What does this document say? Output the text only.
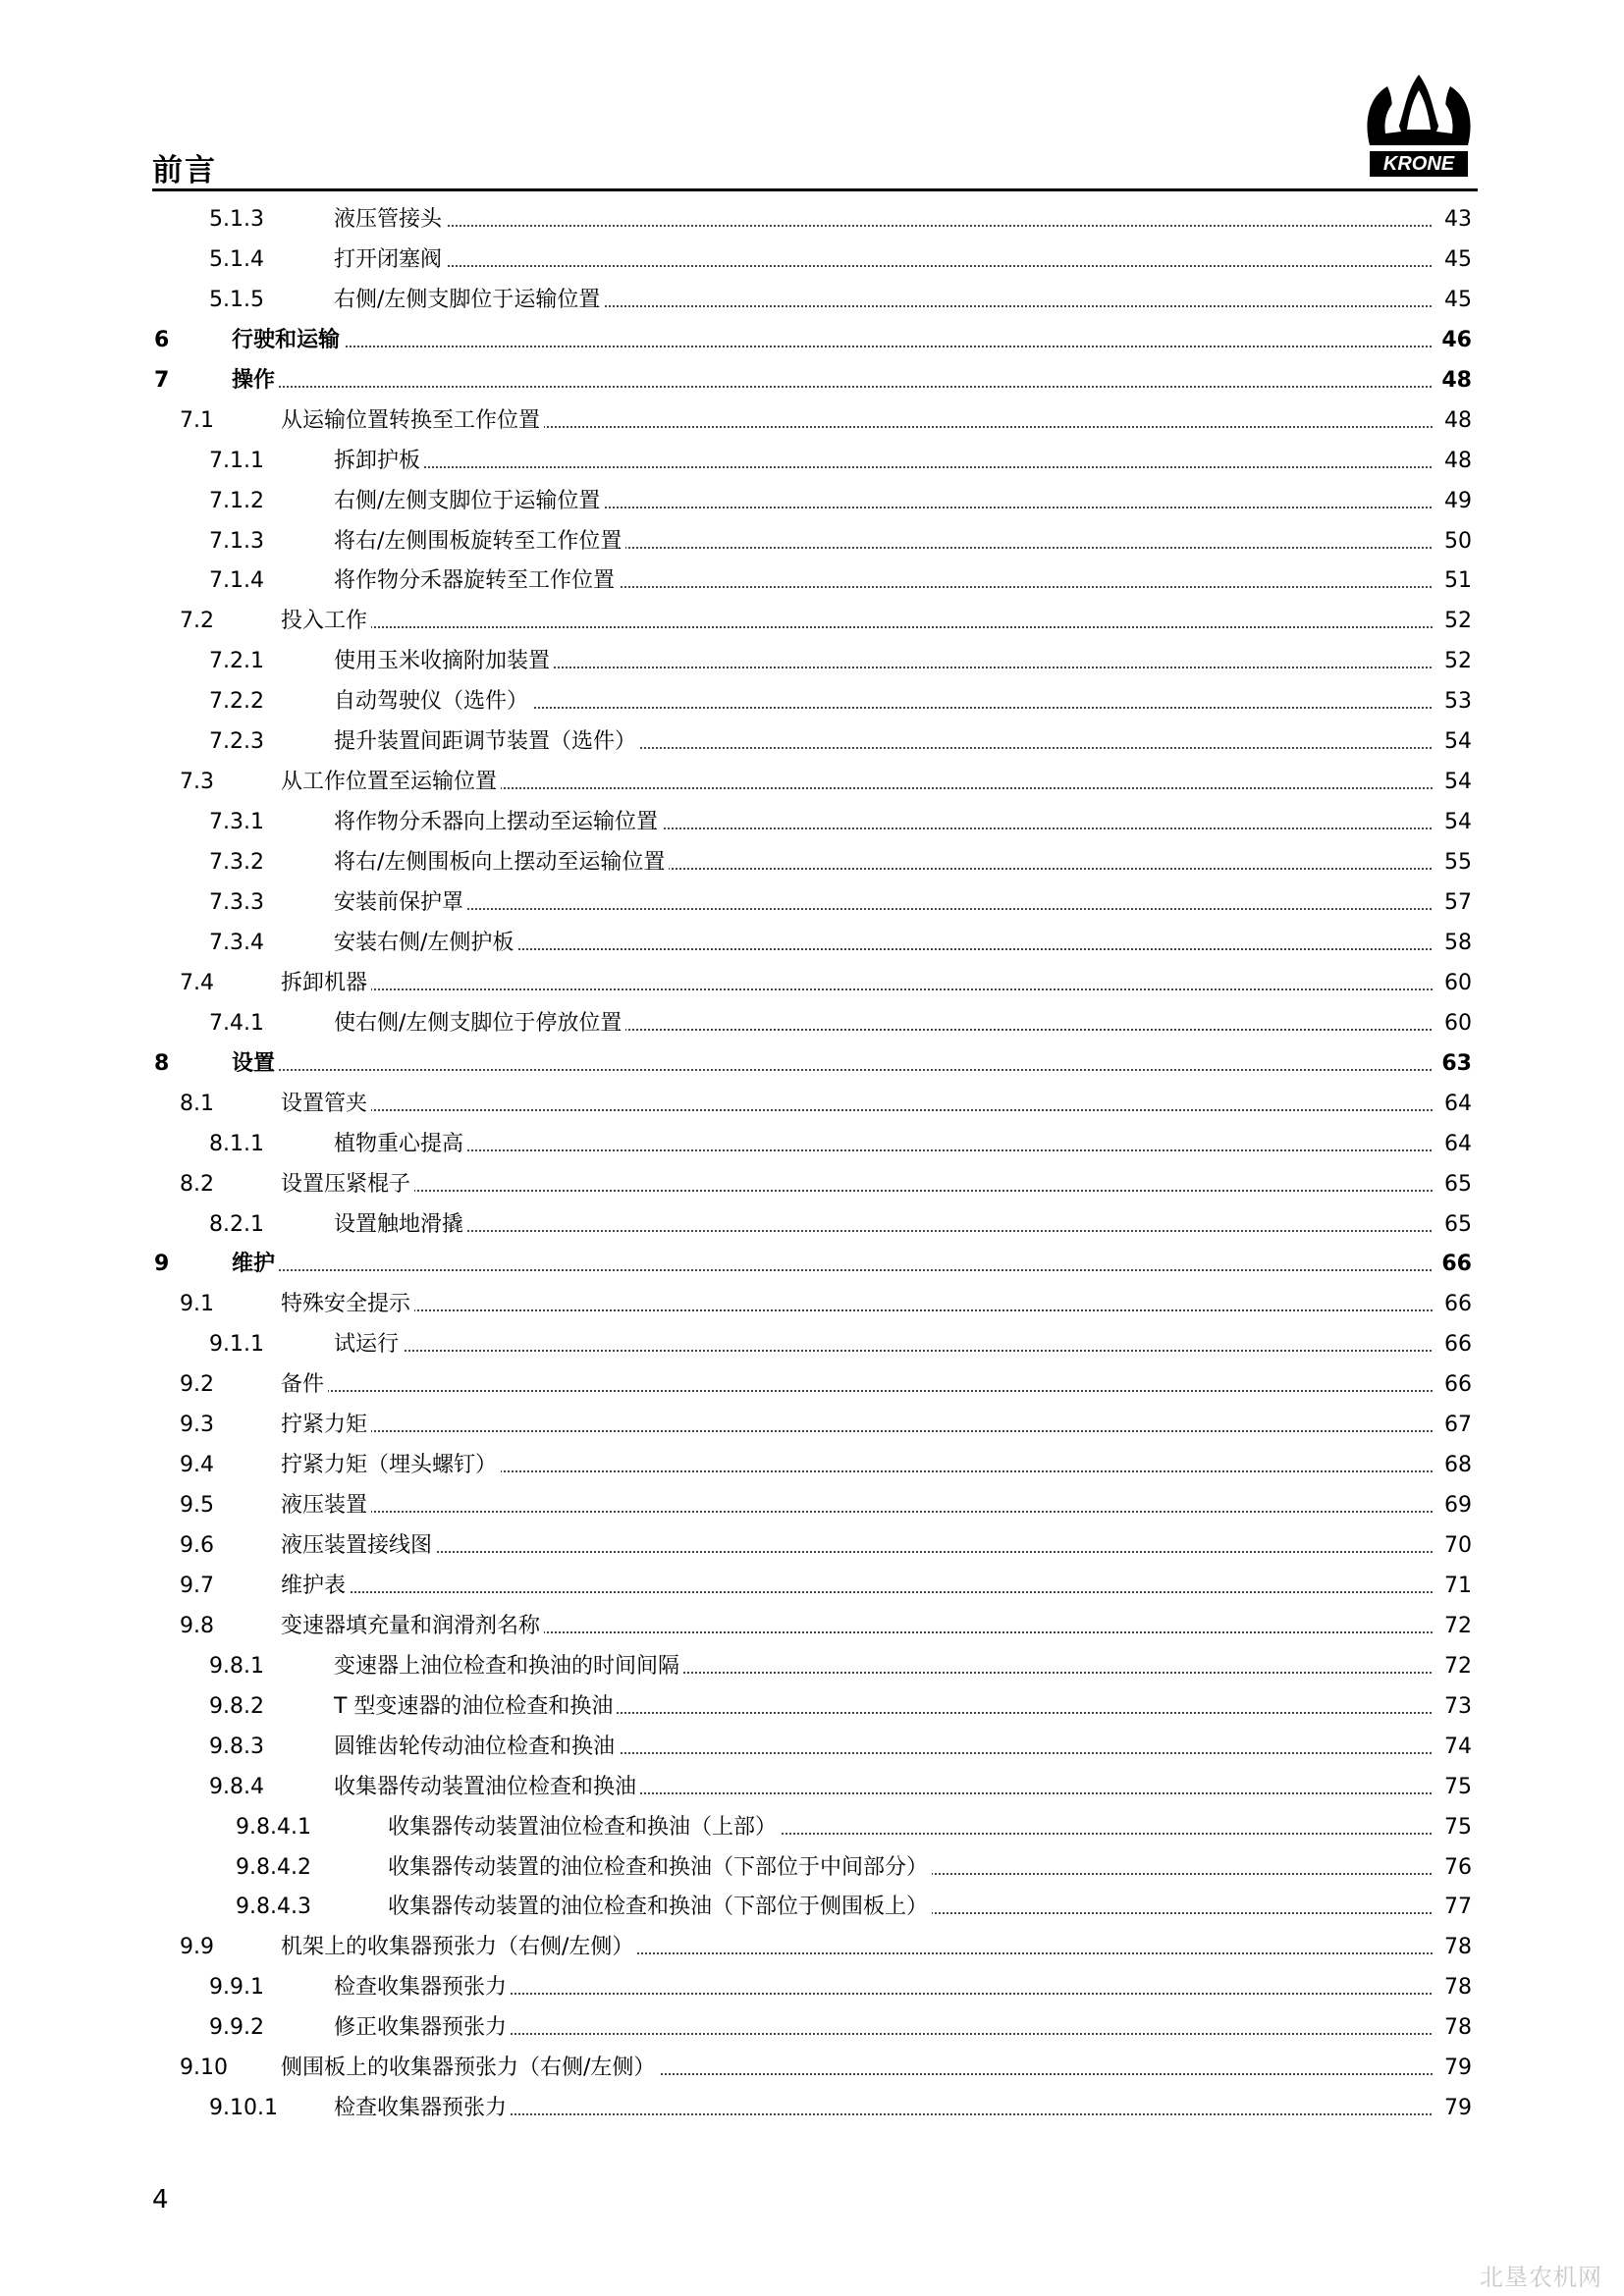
前言	KRONE
5.1.3	液压管接头	43
5.1.4	打开闭塞阀	45
5.1.5	右侧/左侧支脚位于运输位置	45
6	行驶和运输	46
7	操作	48
7.1	从运输位置转换至工作位置	48
7.1.1	拆卸护板	48
7.1.2	右侧/左侧支脚位于运输位置	49
7.1.3	将右/左侧围板旋转至工作位置	50
7.1.4	将作物分禾器旋转至工作位置	51
7.2	投入工作	52
7.2.1	使用玉米收摘附加装置	52
7.2.2	自动驾驶仪（选件）	53
7.2.3	提升装置间距调节装置（选件）	54
7.3	从工作位置至运输位置	54
7.3.1	将作物分禾器向上摆动至运输位置	54
7.3.2	将右/左侧围板向上摆动至运输位置	55
7.3.3	安装前保护罩	57
7.3.4	安装右侧/左侧护板	58
7.4	拆卸机器	60
7.4.1	使右侧/左侧支脚位于停放位置	60
8	设置	63
8.1	设置管夹	64
8.1.1	植物重心提高	64
8.2	设置压紧棍子	65
8.2.1	设置触地滑撬	65
9	维护	66
9.1	特殊安全提示	66
9.1.1	试运行	66
9.2	备件	66
9.3	拧紧力矩	67
9.4	拧紧力矩（埋头螺钉）	68
9.5	液压装置	69
9.6	液压装置接线图	70
9.7	维护表	71
9.8	变速器填充量和润滑剂名称	72
9.8.1	变速器上油位检查和换油的时间间隔	72
9.8.2	T 型变速器的油位检查和换油	73
9.8.3	圆锥齿轮传动油位检查和换油	74
9.8.4	收集器传动装置油位检查和换油	75
9.8.4.1	收集器传动装置油位检查和换油（上部）	75
9.8.4.2	收集器传动装置的油位检查和换油（下部位于中间部分）	76
9.8.4.3	收集器传动装置的油位检查和换油（下部位于侧围板上）	77
9.9	机架上的收集器预张力（右侧/左侧）	78
9.9.1	检查收集器预张力	78
9.9.2	修正收集器预张力	78
9.10 侧围板上的收集器预张力（右侧/左侧）	79
9.10.1	检查收集器预张力	79
4
北垦农机网
